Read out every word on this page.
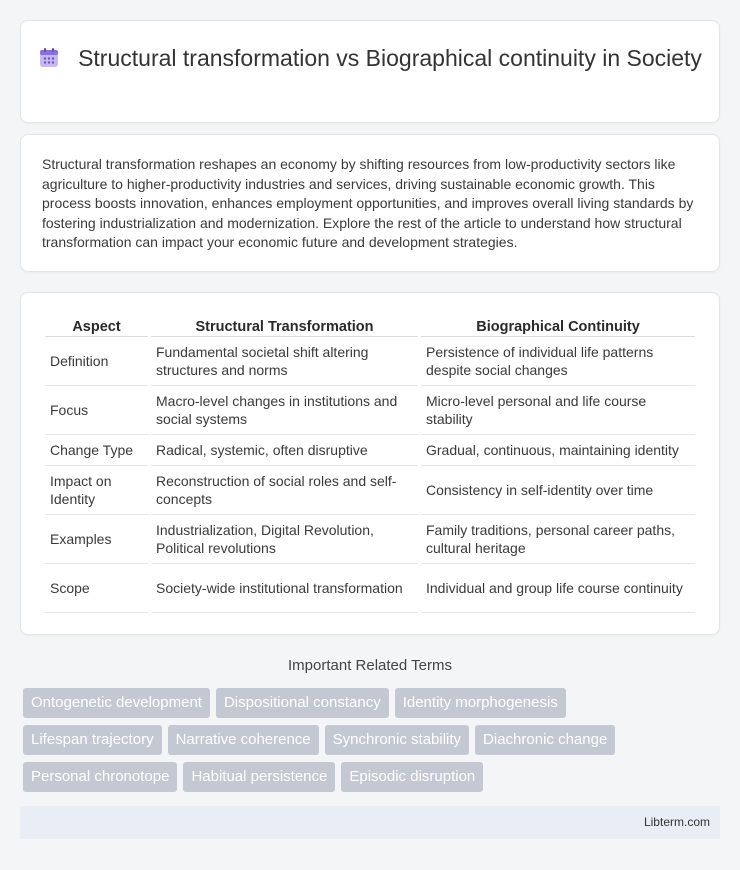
Structural transformation vs Biographical continuity in Society

Structural transformation reshapes an economy by shifting resources from low-productivity sectors like agriculture to higher-productivity industries and services, driving sustainable economic growth. This process boosts innovation, enhances employment opportunities, and improves overall living standards by fostering industrialization and modernization. Explore the rest of the article to understand how structural transformation can impact your economic future and development strategies.

Aspect	Structural Transformation	Biographical Continuity
Definition	Fundamental societal shift altering structures and norms	Persistence of individual life patterns despite social changes
Focus	Macro-level changes in institutions and social systems	Micro-level personal and life course stability
Change Type	Radical, systemic, often disruptive	Gradual, continuous, maintaining identity
Impact on Identity	Reconstruction of social roles and self-concepts	Consistency in self-identity over time
Examples	Industrialization, Digital Revolution, Political revolutions	Family traditions, personal career paths, cultural heritage
Scope	Society-wide institutional transformation	Individual and group life course continuity
Important Related Terms
Ontogenetic development	Dispositional constancy	Identity morphogenesis
Lifespan trajectory	Narrative coherence	Synchronic stability	Diachronic change
Personal chronotope	Habitual persistence	Episodic disruption
Libterm.com
